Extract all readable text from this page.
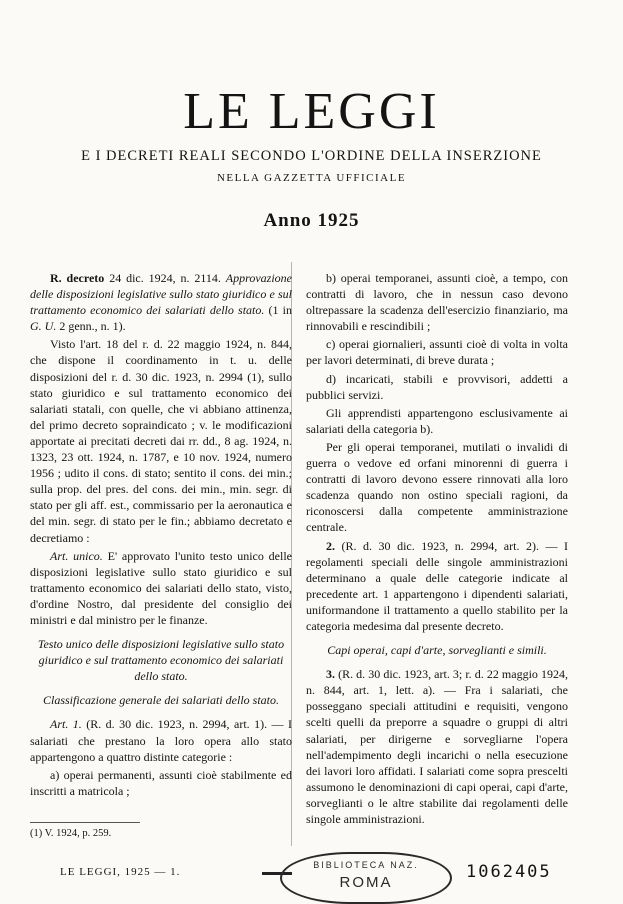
LE LEGGI
E I DECRETI REALI SECONDO L'ORDINE DELLA INSERZIONE
NELLA GAZZETTA UFFICIALE
Anno 1925

R. decreto 24 dic. 1924, n. 2114. Approvazione delle disposizioni legislative sullo stato giuridico e sul trattamento economico dei salariati dello stato. (1 in G. U. 2 genn., n. 1).

Visto l'art. 18 del r. d. 22 maggio 1924, n. 844, che dispone il coordinamento in t. u. delle disposizioni del r. d. 30 dic. 1923, n. 2994 (1), sullo stato giuridico e sul trattamento economico dei salariati statali, con quelle, che vi abbiano attinenza, del primo decreto sopraindicato ; v. le modificazioni apportate ai precitati decreti dai rr. dd., 8 ag. 1924, n. 1323, 23 ott. 1924, n. 1787, e 10 nov. 1924, numero 1956 ; udito il cons. di stato; sentito il cons. dei min.; sulla prop. del pres. del cons. dei min., min. segr. di stato per gli aff. est., commissario per la aeronautica e del min. segr. di stato per le fin.; abbiamo decretato e decretiamo :

Art. unico. E' approvato l'unito testo unico delle disposizioni legislative sullo stato giuridico e sul trattamento economico dei salariati dello stato, visto, d'ordine Nostro, dal presidente del consiglio dei ministri e dal ministro per le finanze.

Testo unico delle disposizioni legislative sullo stato giuridico e sul trattamento economico dei salariati dello stato.

Classificazione generale dei salariati dello stato.

Art. 1. (R. d. 30 dic. 1923, n. 2994, art. 1). — I salariati che prestano la loro opera allo stato appartengono a quattro distinte categorie :

a) operai permanenti, assunti cioè stabilmente ed inscritti a matricola ;

b) operai temporanei, assunti cioè, a tempo, con contratti di lavoro, che in nessun caso devono oltrepassare la scadenza dell'esercizio finanziario, ma rinnovabili e rescindibili ;

c) operai giornalieri, assunti cioè di volta in volta per lavori determinati, di breve durata ;

d) incaricati, stabili e provvisori, addetti a pubblici servizi.

Gli apprendisti appartengono esclusivamente ai salariati della categoria b).

Per gli operai temporanei, mutilati o invalidi di guerra o vedove ed orfani minorenni di guerra i contratti di lavoro devono essere rinnovati alla loro scadenza quando non ostino speciali ragioni, da riconoscersi dalla competente amministrazione centrale.

2. (R. d. 30 dic. 1923, n. 2994, art. 2). — I regolamenti speciali delle singole amministrazioni determinano a quale delle categorie indicate al precedente art. 1 appartengono i dipendenti salariati, uniformandone il trattamento a quello stabilito per la categoria medesima dal presente decreto.

Capi operai, capi d'arte, sorveglianti e simili.

3. (R. d. 30 dic. 1923, art. 3; r. d. 22 maggio 1924, n. 844, art. 1, lett. a). — Fra i salariati, che posseggano speciali attitudini e requisiti, vengono scelti quelli da preporre a squadre o gruppi di altri salariati, per dirigerne e sorvegliarne l'opera nell'adempimento degli incarichi o nella esecuzione dei lavori loro affidati. I salariati come sopra prescelti assumono le denominazioni di capi operai, capi d'arte, sorveglianti o le altre stabilite dai regolamenti delle singole amministrazioni.

(1) V. 1924, p. 259.
LE LEGGI, 1925 — 1.
BIBLIOTECA NAZ.
ROMA
1062405
